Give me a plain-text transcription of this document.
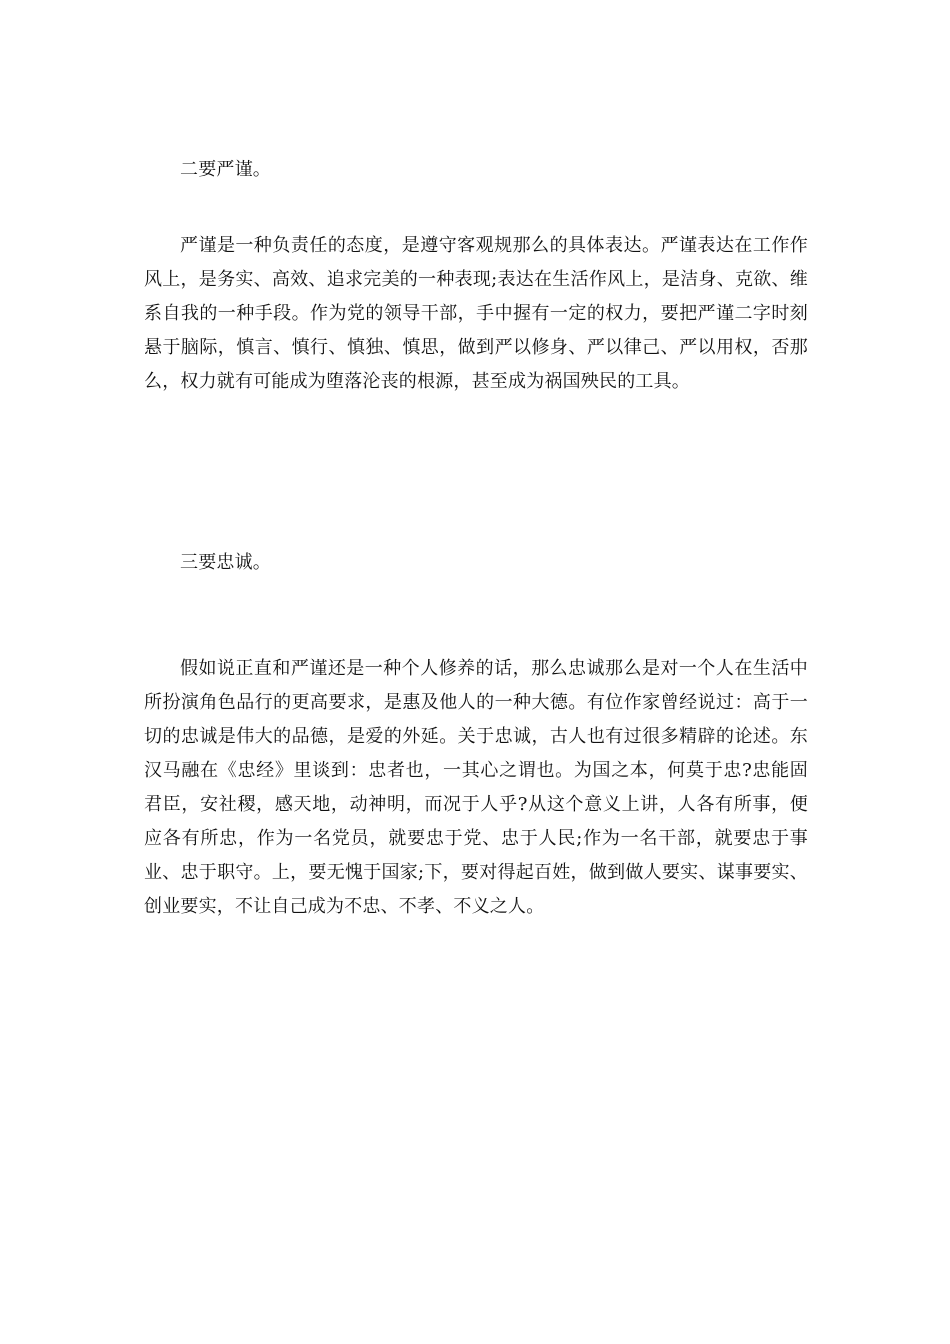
二要严谨。

严谨是一种负责任的态度，是遵守客观规那么的具体表达。严谨表达在工作作风上，是务实、高效、追求完美的一种表现;表达在生活作风上，是洁身、克欲、维系自我的一种手段。作为党的领导干部，手中握有一定的权力，要把严谨二字时刻悬于脑际，慎言、慎行、慎独、慎思，做到严以修身、严以律己、严以用权，否那么，权力就有可能成为堕落沦丧的根源，甚至成为祸国殃民的工具。

三要忠诚。

假如说正直和严谨还是一种个人修养的话，那么忠诚那么是对一个人在生活中所扮演角色品行的更高要求，是惠及他人的一种大德。有位作家曾经说过：高于一切的忠诚是伟大的品德，是爱的外延。关于忠诚，古人也有过很多精辟的论述。东汉马融在《忠经》里谈到：忠者也，一其心之谓也。为国之本，何莫于忠?忠能固君臣，安社稷，感天地，动神明，而况于人乎?从这个意义上讲，人各有所事，便应各有所忠，作为一名党员，就要忠于党、忠于人民;作为一名干部，就要忠于事业、忠于职守。上，要无愧于国家;下，要对得起百姓，做到做人要实、谋事要实、创业要实，不让自己成为不忠、不孝、不义之人。
